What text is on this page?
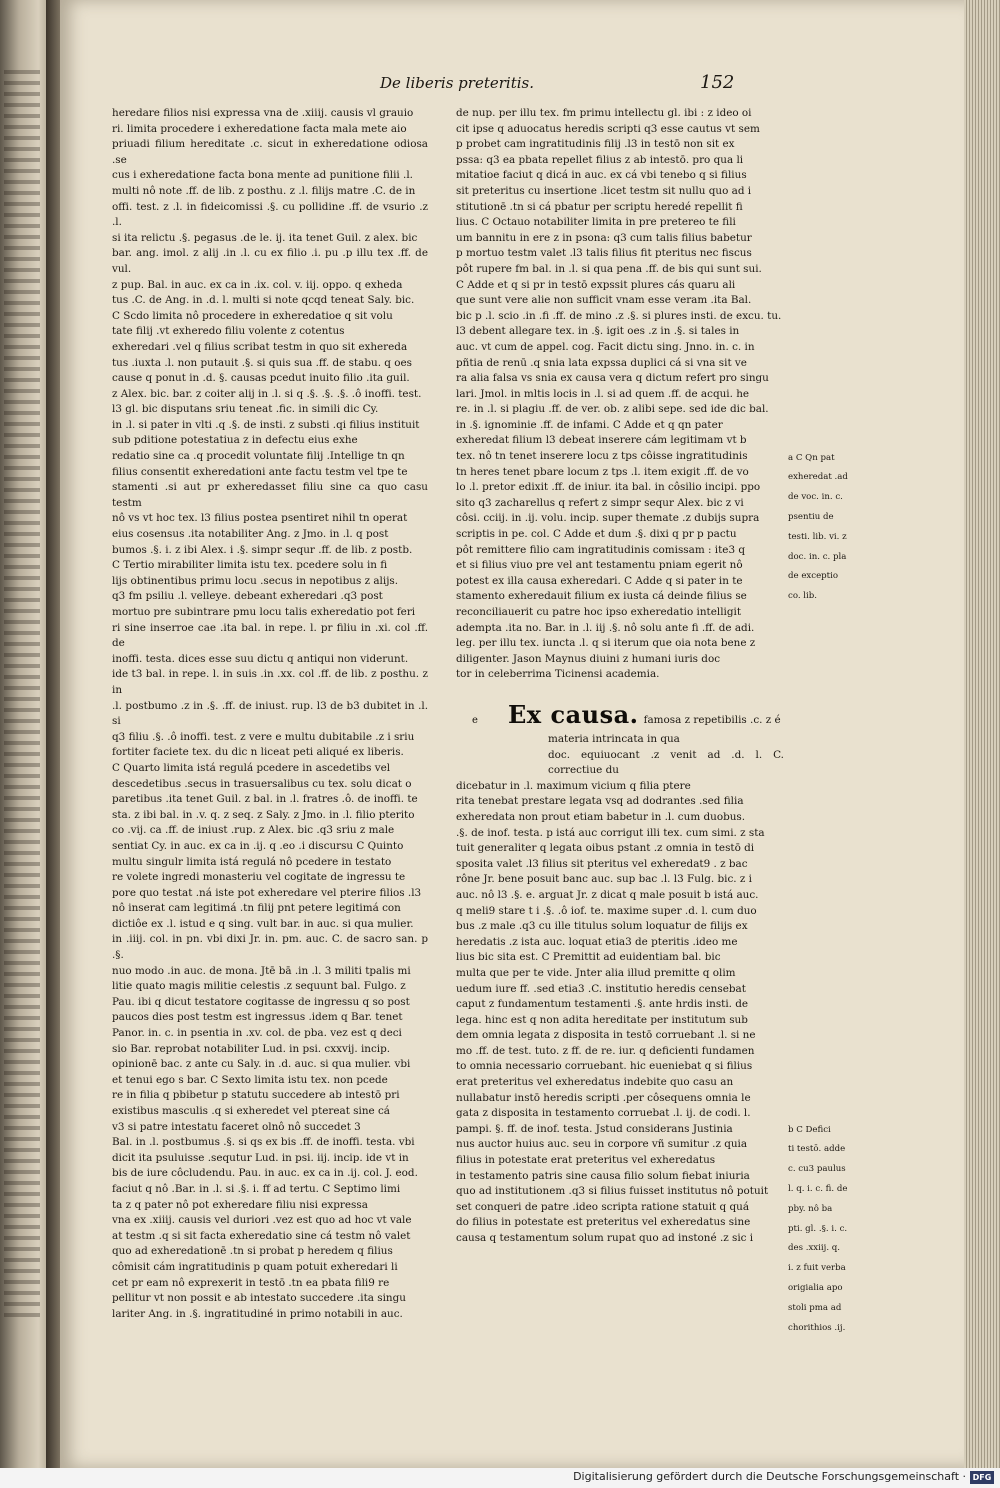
De liberis preteritis.	152

heredare filios nisi expressa vna de .xiiij. causis vl grauio

ri. limita procedere i exheredatione facta mala mete aio

priuadi filium hereditate .c. sicut in exheredatione odiosa .se

cus i exheredatione facta bona mente ad punitione filii .l.

multi nô note .ff. de lib. z posthu. z .l. filijs matre .C. de in

offi. test. z .l. in fideicomissi .§. cu pollidine .ff. de vsurio .z .l.

si ita relictu .§. pegasus .de le. ij. ita tenet Guil. z alex. bic

bar. ang. imol. z alij .in .l. cu ex filio .i. pu .p illu tex .ff. de vul.

z pup. Bal. in auc. ex ca in .ix. col. v. iij. oppo. q exheda

tus .C. de Ang. in .d. l. multi si note qcqd teneat Saly. bic.

C Scdo limita nô procedere in exheredatioe q sit volu

tate filij .vt exheredo filiu volente z cotentus

exheredari .vel q filius scribat testm in quo sit exhereda

tus .iuxta .l. non putauit .§. si quis sua .ff. de stabu. q oes

cause q ponut in .d. §. causas pcedut inuito filio .ita guil.

z Alex. bic. bar. z coiter alij in .l. si q .§. .§. .§. .ô inoffi. test.

l3 gl. bic disputans sriu teneat .fic. in simili dic Cy.

in .l. si pater in vlti .q .§. de insti. z substi .qi filius instituit

sub pditione potestatiua z in defectu eius exhe

redatio sine ca .q procedit voluntate filij .Intellige tn qn

filius consentit exheredationi ante factu testm vel tpe te

stamenti .si aut pr exheredasset filiu sine ca quo casu testm

nô vs vt hoc tex. l3 filius postea psentiret nihil tn operat

eius cosensus .ita notabiliter Ang. z Jmo. in .l. q post

bumos .§. i. z ibi Alex. i .§. simpr sequr .ff. de lib. z postb.

C Tertio mirabiliter limita istu tex. pcedere solu in fi

lijs obtinentibus primu locu .secus in nepotibus z alijs.

q3 fm psiliu .l. velleye. debeant exheredari .q3 post

mortuo pre subintrare pmu locu talis exheredatio pot feri

ri sine inserroe cae .ita bal. in repe. l. pr filiu in .xi. col .ff. de

inoffi. testa. dices esse suu dictu q antiqui non viderunt.

ide t3 bal. in repe. l. in suis .in .xx. col .ff. de lib. z posthu. z in

.l. postbumo .z in .§. .ff. de iniust. rup. l3 de b3 dubitet in .l. si

q3 filiu .§. .ô inoffi. test. z vere e multu dubitabile .z i sriu

fortiter faciete tex. du dic n liceat peti aliqué ex liberis.

C Quarto limita istá regulá pcedere in ascedetibs vel

descedetibus .secus in trasuersalibus cu tex. solu dicat o

paretibus .ita tenet Guil. z bal. in .l. fratres .ô. de inoffi. te

sta. z ibi bal. in .v. q. z seq. z Saly. z Jmo. in .l. filio pterito

co .vij. ca .ff. de iniust .rup. z Alex. bic .q3 sriu z male

sentiat Cy. in auc. ex ca in .ij. q .eo .i discursu C Quinto

multu singulr limita istá regulá nô pcedere in testato

re volete ingredi monasteriu vel cogitate de ingressu te

pore quo testat .ná iste pot exheredare vel pterire filios .l3

nô inserat cam legitimá .tn filij pnt petere legitimá con

dictiôe ex .l. istud e q sing. vult bar. in auc. si qua mulier.

in .iiij. col. in pn. vbi dixi Jr. in. pm. auc. C. de sacro san. p .§.

nuo modo .in auc. de mona. Jtē bā .in .l. 3 militi tpalis mi

litie quato magis militie celestis .z sequunt bal. Fulgo. z

Pau. ibi q dicut testatore cogitasse de ingressu q so post

paucos dies post testm est ingressus .idem q Bar. tenet

Panor. in. c. in psentia in .xv. col. de pba. vez est q deci

sio Bar. reprobat notabiliter Lud. in psi. cxxvij. incip.

opinionē bac. z ante cu Saly. in .d. auc. si qua mulier. vbi

et tenui ego s bar. C Sexto limita istu tex. non pcede

re in filia q pbibetur p statutu succedere ab intestō pri

existibus masculis .q si exheredet vel ptereat sine cá

v3 si patre intestatu faceret olnô nô succedet 3

Bal. in .l. postbumus .§. si qs ex bis .ff. de inoffi. testa. vbi

dicit ita psuluisse .sequtur Lud. in psi. iij. incip. ide vt in

bis de iure côcludendu. Pau. in auc. ex ca in .ij. col. J. eod.

faciut q nô .Bar. in .l. si .§. i. ff ad tertu. C Septimo limi

ta z q pater nô pot exheredare filiu nisi expressa

vna ex .xiiij. causis vel duriori .vez est quo ad hoc vt vale

at testm .q si sit facta exheredatio sine cá testm nô valet

quo ad exheredationē .tn si probat p heredem q filius

cômisit cám ingratitudinis p quam potuit exheredari li

cet pr eam nô exprexerit in testō .tn ea pbata fili9 re

pellitur vt non possit e ab intestato succedere .ita singu

lariter Ang. in .§. ingratitudiné in primo notabili in auc.

de nup. per illu tex. fm primu intellectu gl. ibi : z ideo oi

cit ipse q aduocatus heredis scripti q3 esse cautus vt sem

p probet cam ingratitudinis filij .l3 in testō non sit ex

pssa: q3 ea pbata repellet filius z ab intestō. pro qua li

mitatioe faciut q dicá in auc. ex cá vbi tenebo q si filius

sit preteritus cu insertione .licet testm sit nullu quo ad i

stitutionē .tn si cá pbatur per scriptu heredé repellit fi

lius. C Octauo notabiliter limita in pre pretereo te fili

um bannitu in ere z in psona: q3 cum talis filius babetur

p mortuo testm valet .l3 talis filius fit pteritus nec fiscus

pôt rupere fm bal. in .l. si qua pena .ff. de bis qui sunt sui.

C Adde et q si pr in testō expssit plures cás quaru ali

que sunt vere alie non sufficit vnam esse veram .ita Bal.

bic p .l. scio .in .fi .ff. de mino .z .§. si plures insti. de excu. tu.

l3 debent allegare tex. in .§. igit oes .z in .§. si tales in

auc. vt cum de appel. cog. Facit dictu sing. Jnno. in. c. in

pñtia de renū .q snia lata expssa duplici cá si vna sit ve

ra alia falsa vs snia ex causa vera q dictum refert pro singu

lari. Jmol. in mltis locis in .l. si ad quem .ff. de acqui. he

re. in .l. si plagiu .ff. de ver. ob. z alibi sepe. sed ide dic bal.

in .§. ignominie .ff. de infami. C Adde et q qn pater

exheredat filium l3 debeat inserere cám legitimam vt b

tex. nô tn tenet inserere locu z tps côisse ingratitudinis

tn heres tenet pbare locum z tps .l. item exigit .ff. de vo

lo .l. pretor edixit .ff. de iniur. ita bal. in côsilio incipi. ppo

sito q3 zacharellus q refert z simpr sequr Alex. bic z vi

côsi. cciij. in .ij. volu. incip. super themate .z dubijs supra

scriptis in pe. col. C Adde et dum .§. dixi q pr p pactu

pôt remittere filio cam ingratitudinis comissam : ite3 q

et si filius viuo pre vel ant testamentu pniam egerit nô

potest ex illa causa exheredari. C Adde q si pater in te

stamento exheredauit filium ex iusta cá deinde filius se

reconciliauerit cu patre hoc ipso exheredatio intelligit

adempta .ita no. Bar. in .l. iij .§. nô solu ante fi .ff. de adi.

leg. per illu tex. iuncta .l. q si iterum que oia nota bene z

diligenter. Jason Maynus diuini z humani iuris doc

tor in celeberrima Ticinensi academia.

e Ex causa. famosa z repetibilis .c. z é

materia intrincata in qua

doc. equiuocant .z venit ad .d. l. C. correctiue du

dicebatur in .l. maximum vicium q filia ptere

rita tenebat prestare legata vsq ad dodrantes .sed filia

exheredata non prout etiam babetur in .l. cum duobus.

.§. de inof. testa. p istá auc corrigut illi tex. cum simi. z sta

tuit generaliter q legata oibus pstant .z omnia in testō di

sposita valet .l3 filius sit pteritus vel exheredat9 . z bac

rône Jr. bene posuit banc auc. sup bac .l. l3 Fulg. bic. z i

auc. nô l3 .§. e. arguat Jr. z dicat q male posuit b istá auc.

q meli9 stare t i .§. .ô iof. te. maxime super .d. l. cum duo

bus .z male .q3 cu ille titulus solum loquatur de filijs ex

heredatis .z ista auc. loquat etia3 de pteritis .ideo me

lius bic sita est. C Premittit ad euidentiam bal. bic

multa que per te vide. Jnter alia illud premitte q olim

uedum iure ff. .sed etia3 .C. institutio heredis censebat

caput z fundamentum testamenti .§. ante hrdis insti. de

lega. hinc est q non adita hereditate per institutum sub

dem omnia legata z disposita in testō corruebant .l. si ne

mo .ff. de test. tuto. z ff. de re. iur. q deficienti fundamen

to omnia necessario corruebant. hic eueniebat q si filius

erat preteritus vel exheredatus indebite quo casu an

nullabatur instō heredis scripti .per côsequens omnia le

gata z disposita in testamento corruebat .l. ij. de codi. l.

pampi. §. ff. de inof. testa. Jstud considerans Justinia

nus auctor huius auc. seu in corpore vñ sumitur .z quia

filius in potestate erat preteritus vel exheredatus

in testamento patris sine causa filio solum fiebat iniuria

quo ad institutionem .q3 si filius fuisset institutus nô potuit

set conqueri de patre .ideo scripta ratione statuit q quá

do filius in potestate est preteritus vel exheredatus sine

causa q testamentum solum rupat quo ad instoné .z sic i

a C Qn pat

exheredat .ad

de voc. in. c.

psentiu de

testi. lib. vi. z

doc. in. c. pla

de exceptio

co. lib.

b C Defici

ti testō. adde

c. cu3 paulus

l. q. i. c. fi. de

pby. nô ba

pti. gl. .§. i. c.

des .xxiij. q.

i. z fuit verba

origialia apo

stoli pma ad

chorithios .ij.

Digitalisierung gefördert durch die Deutsche Forschungsgemeinschaft · DFG
